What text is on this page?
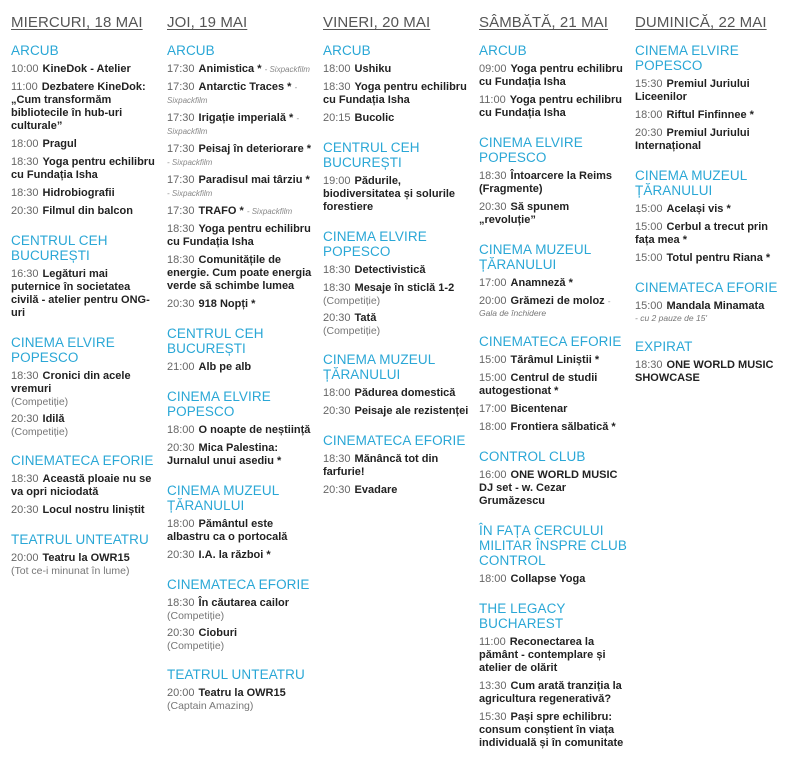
MIERCURI, 18 MAI
ARCUB
10:00 KineDok - Atelier
11:00 Dezbatere KineDok: „Cum transformăm bibliotecile în hub-uri culturale”
18:00 Pragul
18:30 Yoga pentru echilibru cu Fundația Isha
18:30 Hidrobiografii
20:30 Filmul din balcon
CENTRUL CEH BUCUREȘTI
16:30 Legături mai puternice în societatea civilă - atelier pentru ONG-uri
CINEMA ELVIRE POPESCO
18:30 Cronici din acele vremuri
(Competiție)
20:30 Idilă
(Competiție)
CINEMATECA EFORIE
18:30 Această ploaie nu se va opri niciodată
20:30 Locul nostru liniștit
TEATRUL UNTEATRU
20:00 Teatru la OWR15
(Tot ce-i minunat în lume)
JOI, 19 MAI
ARCUB
17:30 Animistica * - Sixpackfilm
17:30 Antarctic Traces * - Sixpackfilm
17:30 Irigație imperială * - Sixpackfilm
17:30 Peisaj în deteriorare * - Sixpackfilm
17:30 Paradisul mai târziu * - Sixpackfilm
17:30 TRAFO * - Sixpackfilm
18:30 Yoga pentru echilibru cu Fundația Isha
18:30 Comunitățile de energie. Cum poate energia verde să schimbe lumea
20:30 918 Nopți *
CENTRUL CEH BUCUREȘTI
21:00 Alb pe alb
CINEMA ELVIRE POPESCO
18:00 O noapte de neștiință
20:30 Mica Palestina: Jurnalul unui asediu *
CINEMA MUZEUL ȚĂRANULUI
18:00 Pământul este albastru ca o portocală
20:30 I.A. la război *
CINEMATECA EFORIE
18:30 În căutarea cailor
(Competiție)
20:30 Cioburi
(Competiție)
TEATRUL UNTEATRU
20:00 Teatru la OWR15
(Captain Amazing)
VINERI, 20 MAI
ARCUB
18:00 Ushiku
18:30 Yoga pentru echilibru cu Fundația Isha
20:15 Bucolic
CENTRUL CEH BUCUREȘTI
19:00 Pădurile, biodiversitatea și solurile forestiere
CINEMA ELVIRE POPESCO
18:30 Detectivistică
18:30 Mesaje în sticlă 1-2
(Competiție)
20:30 Tată
(Competiție)
CINEMA MUZEUL ȚĂRANULUI
18:00 Pădurea domestică
20:30 Peisaje ale rezistenței
CINEMATECA EFORIE
18:30 Mănâncă tot din farfurie!
20:30 Evadare
SÂMBĂTĂ, 21 MAI
ARCUB
09:00 Yoga pentru echilibru cu Fundația Isha
11:00 Yoga pentru echilibru cu Fundația Isha
CINEMA ELVIRE POPESCO
18:30 Întoarcere la Reims (Fragmente)
20:30 Să spunem „revoluție”
CINEMA MUZEUL ȚĂRANULUI
17:00 Anamneză *
20:00 Grămezi de moloz -
Gala de închidere
CINEMATECA EFORIE
15:00 Tărâmul Liniștii *
15:00 Centrul de studii autogestionat *
17:00 Bicentenar
18:00 Frontiera sălbatică *
CONTROL CLUB
16:00 ONE WORLD MUSIC DJ set - w. Cezar Grumăzescu
ÎN FAȚA CERCULUI MILITAR ÎNSPRE CLUB CONTROL
18:00 Collapse Yoga
THE LEGACY BUCHAREST
11:00 Reconectarea la pământ - contemplare și atelier de olărit
13:30 Cum arată tranziția la agricultura regenerativă?
15:30 Pași spre echilibru: consum conștient în viața individuală și în comunitate
DUMINICĂ, 22 MAI
CINEMA ELVIRE POPESCO
15:30 Premiul Juriului Liceenilor
18:00 Riftul Finfinnee *
20:30 Premiul Juriului Internațional
CINEMA MUZEUL ȚĂRANULUI
15:00 Același vis *
15:00 Cerbul a trecut prin fața mea *
15:00 Totul pentru Riana *
CINEMATECA EFORIE
15:00 Mandala Minamata
- cu 2 pauze de 15'
EXPIRAT
18:30 ONE WORLD MUSIC SHOWCASE
